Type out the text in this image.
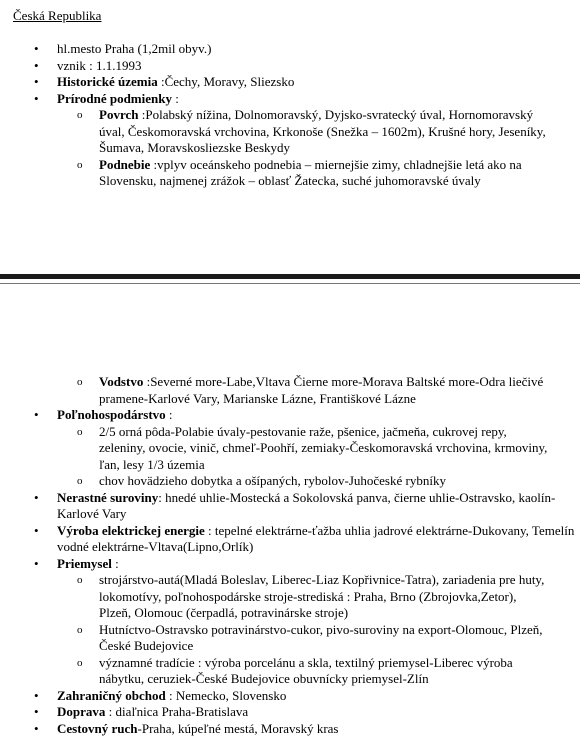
Česká Republika
• hl.mesto Praha (1,2mil obyv.)
• vznik : 1.1.1993
• Historické územia :Čechy, Moravy, Sliezsko
• Prírodné podmienky :
o Povrch :Polabský nížina, Dolnomoravský, Dyjsko-svratecký úval, Hornomoravský úval, Českomoravská vrchovina, Krkonoše (Snežka – 1602m), Krušné hory, Jeseníky, Šumava, Moravskosliezske Beskydy
o Podnebie :vplyv oceánskeho podnebia – miernejšie zimy, chladnejšie letá ako na Slovensku, najmenej zrážok – oblasť Žatecka, suché juhomoravské úvaly
o Vodstvo :Severné more-Labe,Vltava Čierne more-Morava Baltské more-Odra liečivé pramene-Karlové Vary, Marianske Lázne, Františkové Lázne
• Poľnohospodárstvo :
o 2/5 orná pôda-Polabie úvaly-pestovanie raže, pšenice, jačmeňa, cukrovej repy, zeleniny, ovocie, vinič, chmeľ-Poohří, zemiaky-Českomoravská vrchovina, krmoviny, ľan, lesy 1/3 územia
o chov hovädzieho dobytka a ošípaných, rybolov-Juhočeské rybníky
• Nerastné suroviny: hnedé uhlie-Mostecká a Sokolovská panva, čierne uhlie-Ostravsko, kaolín-Karlové Vary
• Výroba elektrickej energie : tepelné elektrárne-ťažba uhlia jadrové elektrárne-Dukovany, Temelín vodné elektrárne-Vltava(Lipno,Orlík)
• Priemysel :
o strojárstvo-autá(Mladá Boleslav, Liberec-Liaz Kopřivnice-Tatra), zariadenia pre huty, lokomotívy, poľnohospodárske stroje-strediská : Praha, Brno (Zbrojovka,Zetor), Plzeň, Olomouc (čerpadlá, potravinárske stroje)
o Hutníctvo-Ostravsko potravinárstvo-cukor, pivo-suroviny na export-Olomouc, Plzeň, České Budejovice
o významné tradície : výroba porcelánu a skla, textilný priemysel-Liberec výroba nábytku, ceruziek-České Budejovice obuvnícky priemysel-Zlín
• Zahraničný obchod : Nemecko, Slovensko
• Doprava : diaľnica Praha-Bratislava
• Cestovný ruch-Praha, kúpeľné mestá, Moravský kras
